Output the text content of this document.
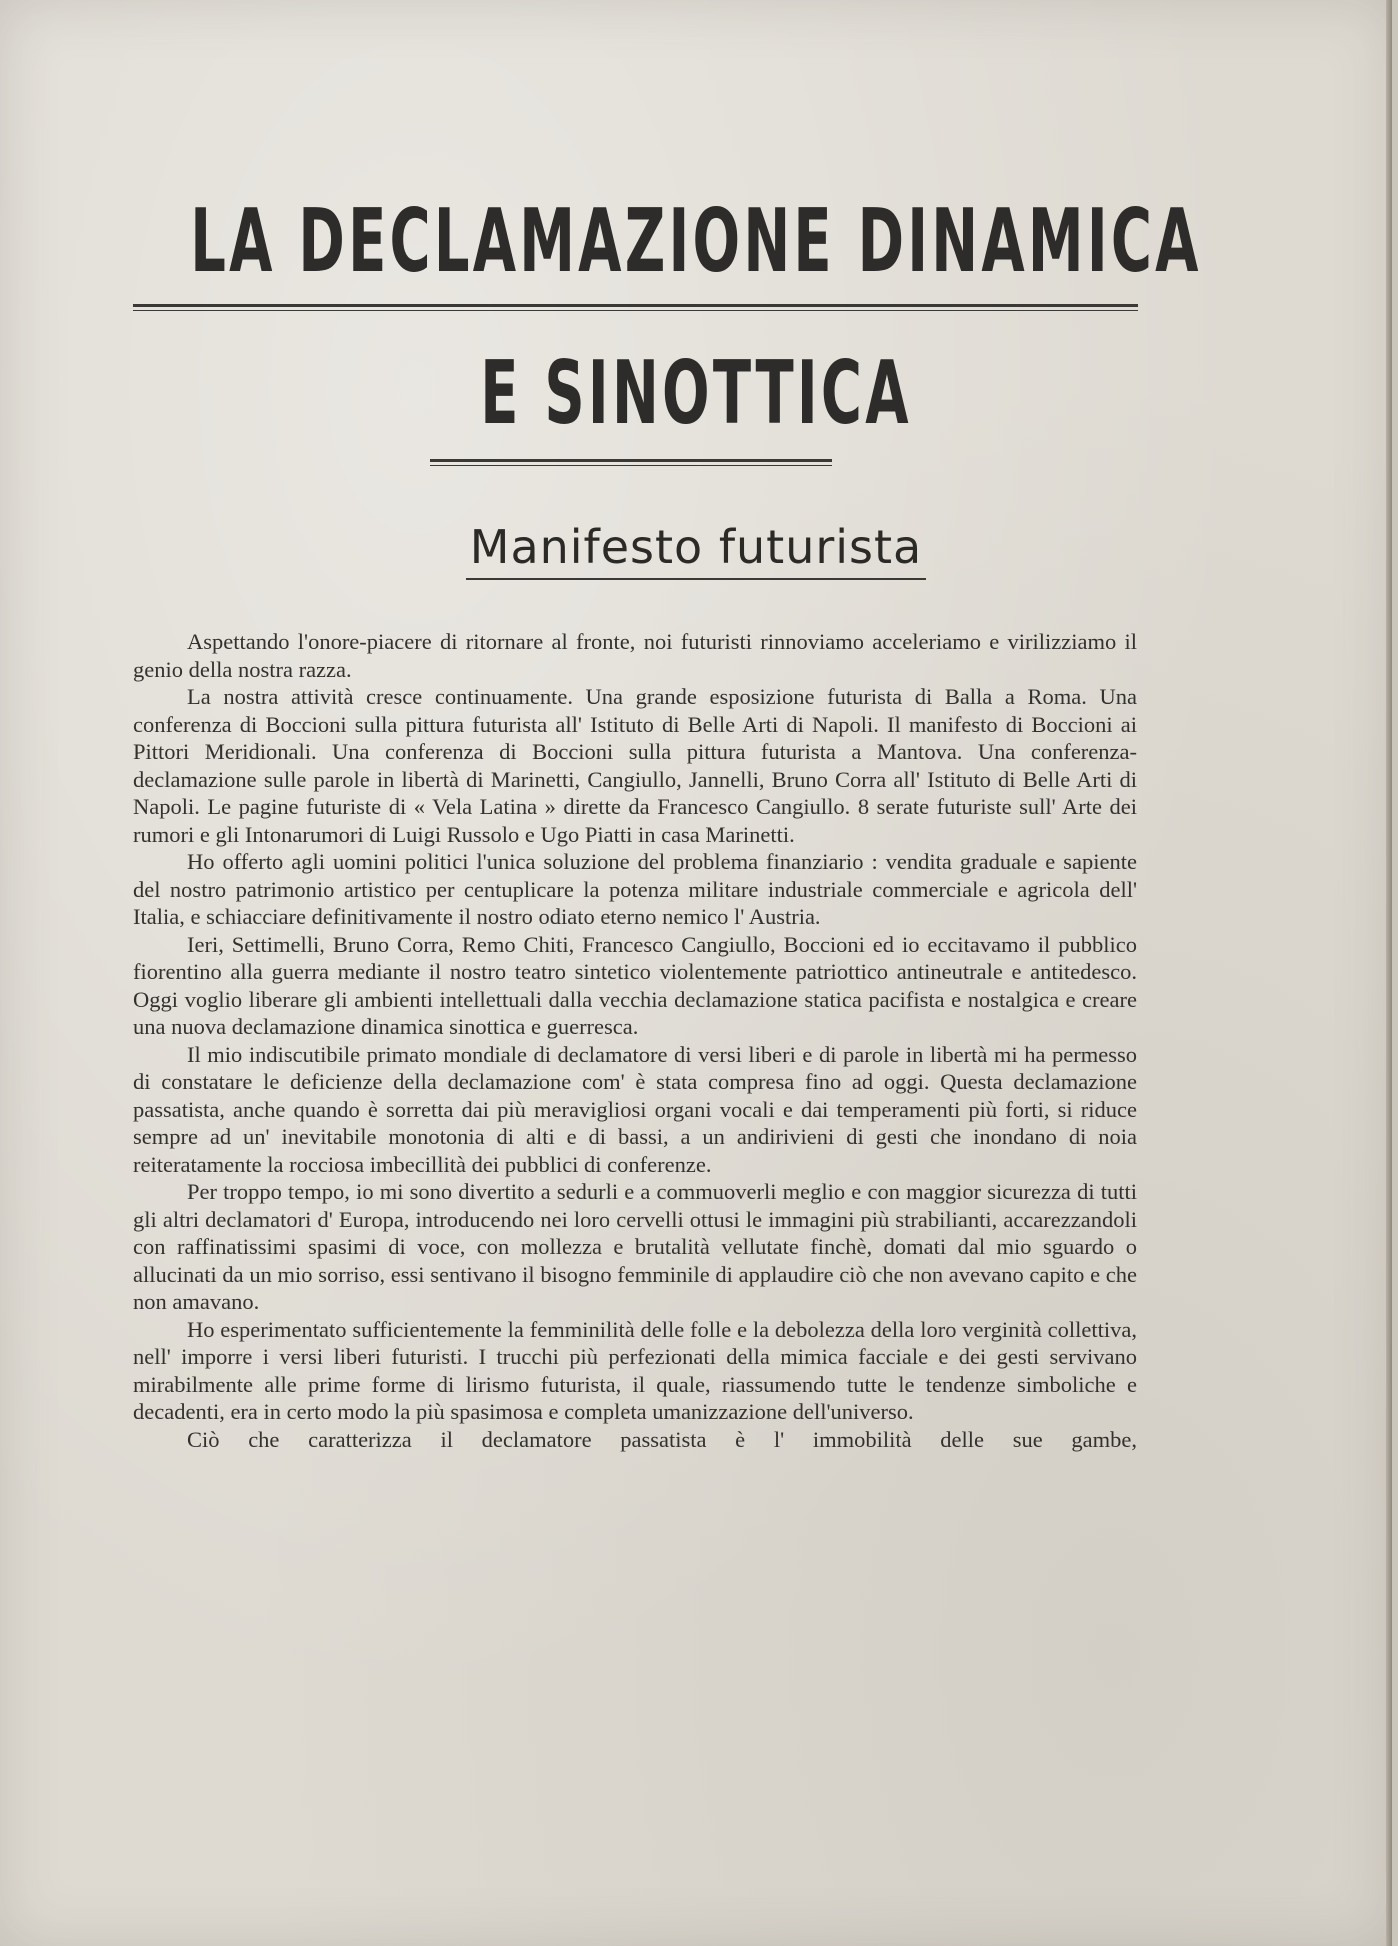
LA DECLAMAZIONE DINAMICA
E SINOTTICA
Manifesto futurista

Aspettando l'onore-piacere di ritornare al fronte, noi futuristi rinnoviamo acceleriamo e virilizziamo il genio della nostra razza.

La nostra attività cresce continuamente. Una grande esposizione futurista di Balla a Roma. Una conferenza di Boccioni sulla pittura futurista all' Istituto di Belle Arti di Napoli. Il manifesto di Boccioni ai Pittori Meridionali. Una conferenza di Boccioni sulla pittura futurista a Mantova. Una conferenza-declamazione sulle parole in libertà di Marinetti, Cangiullo, Jannelli, Bruno Corra all' Istituto di Belle Arti di Napoli. Le pagine futuriste di « Vela Latina » dirette da Francesco Cangiullo. 8 serate futuriste sull' Arte dei rumori e gli Intonarumori di Luigi Russolo e Ugo Piatti in casa Marinetti.

Ho offerto agli uomini politici l'unica soluzione del problema finanziario : vendita graduale e sapiente del nostro patrimonio artistico per centuplicare la potenza militare industriale commerciale e agricola dell' Italia, e schiacciare definitivamente il nostro odiato eterno nemico l' Austria.

Ieri, Settimelli, Bruno Corra, Remo Chiti, Francesco Cangiullo, Boccioni ed io eccitavamo il pubblico fiorentino alla guerra mediante il nostro teatro sintetico violentemente patriottico antineutrale e antitedesco. Oggi voglio liberare gli ambienti intellettuali dalla vecchia declamazione statica pacifista e nostalgica e creare una nuova declamazione dinamica sinottica e guerresca.

Il mio indiscutibile primato mondiale di declamatore di versi liberi e di parole in libertà mi ha permesso di constatare le deficienze della declamazione com' è stata compresa fino ad oggi. Questa declamazione passatista, anche quando è sorretta dai più meravigliosi organi vocali e dai temperamenti più forti, si riduce sempre ad un' inevitabile monotonia di alti e di bassi, a un andirivieni di gesti che inondano di noia reiteratamente la rocciosa imbecillità dei pubblici di conferenze.

Per troppo tempo, io mi sono divertito a sedurli e a commuoverli meglio e con maggior sicurezza di tutti gli altri declamatori d' Europa, introducendo nei loro cervelli ottusi le immagini più strabilianti, accarezzandoli con raffinatissimi spasimi di voce, con mollezza e brutalità vellutate finchè, domati dal mio sguardo o allucinati da un mio sorriso, essi sentivano il bisogno femminile di applaudire ciò che non avevano capito e che non amavano.

Ho esperimentato sufficientemente la femminilità delle folle e la debolezza della loro verginità collettiva, nell' imporre i versi liberi futuristi. I trucchi più perfezionati della mimica facciale e dei gesti servivano mirabilmente alle prime forme di lirismo futurista, il quale, riassumendo tutte le tendenze simboliche e decadenti, era in certo modo la più spasimosa e completa umanizzazione dell'universo.

Ciò che caratterizza il declamatore passatista è l' immobilità delle sue gambe,
